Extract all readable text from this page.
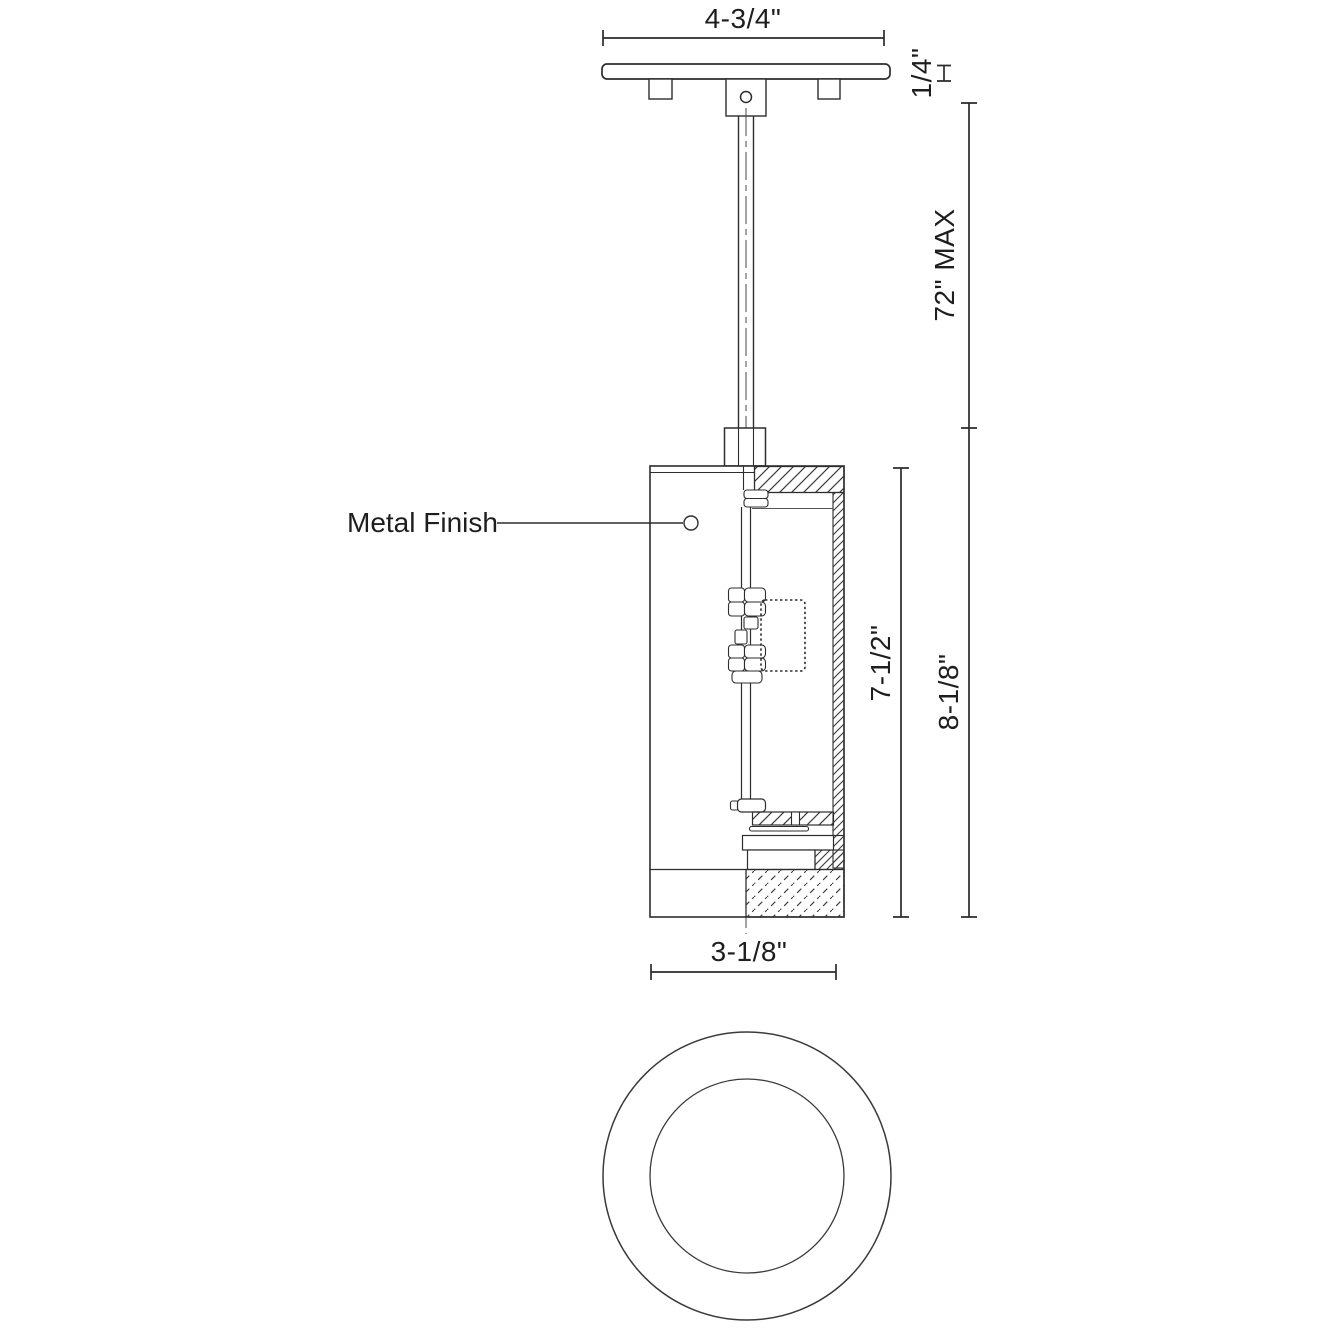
Metal Finish
4-3/4"
1/4"
72" MAX
7-1/2" 8-1/8"
3-1/8"
